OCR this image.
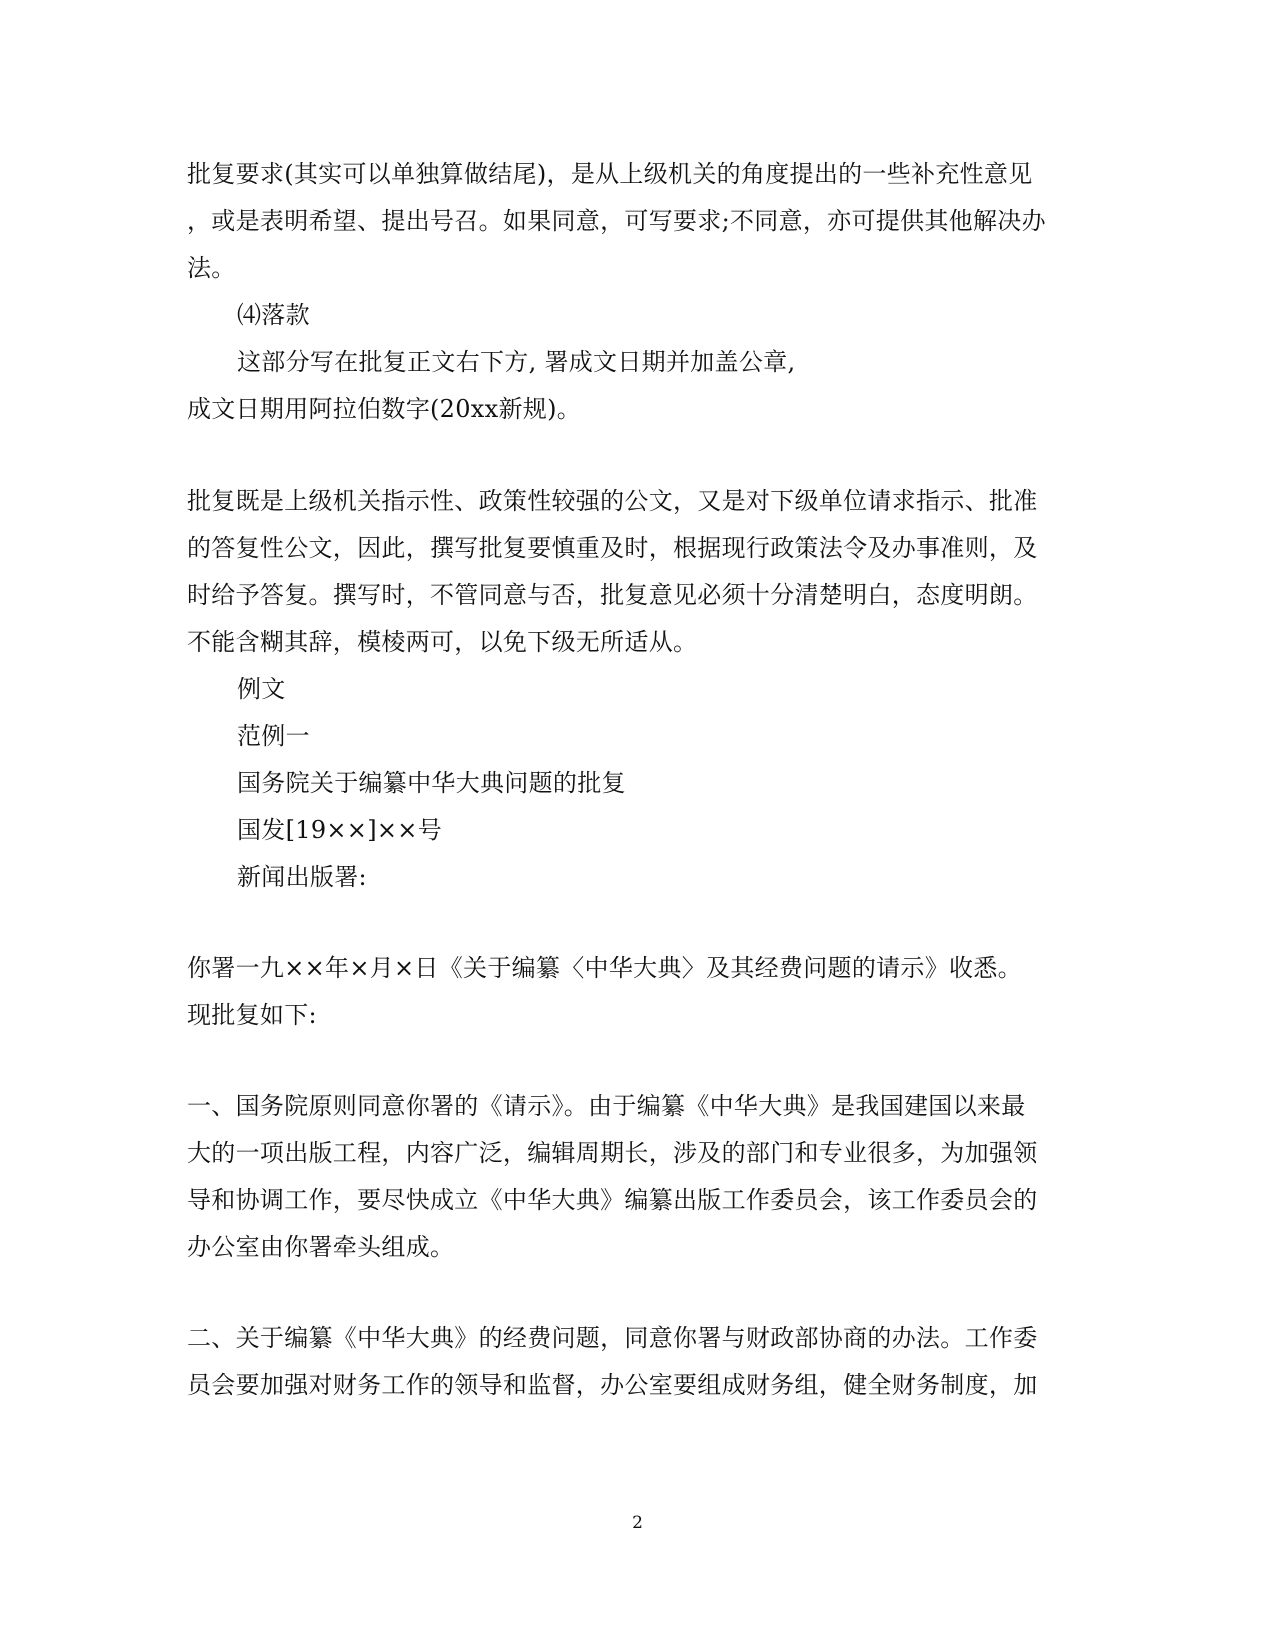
批复要求(其实可以单独算做结尾)，是从上级机关的角度提出的一些补充性意见
，或是表明希望、提出号召。如果同意，可写要求;不同意，亦可提供其他解决办
法。
⑷落款
这部分写在批复正文右下方, 署成文日期并加盖公章,
成文日期用阿拉伯数字(20xx新规)。
批复既是上级机关指示性、政策性较强的公文，又是对下级单位请求指示、批准
的答复性公文，因此，撰写批复要慎重及时，根据现行政策法令及办事准则，及
时给予答复。撰写时，不管同意与否，批复意见必须十分清楚明白，态度明朗。
不能含糊其辞，模棱两可，以免下级无所适从。
例文
范例一
国务院关于编纂中华大典问题的批复
国发[19××]××号
新闻出版署:
你署一九××年×月×日《关于编纂〈中华大典〉及其经费问题的请示》收悉。
现批复如下:
一、国务院原则同意你署的《请示》。由于编纂《中华大典》是我国建国以来最
大的一项出版工程，内容广泛，编辑周期长，涉及的部门和专业很多，为加强领
导和协调工作，要尽快成立《中华大典》编纂出版工作委员会，该工作委员会的
办公室由你署牵头组成。
二、关于编纂《中华大典》的经费问题，同意你署与财政部协商的办法。工作委
员会要加强对财务工作的领导和监督，办公室要组成财务组，健全财务制度，加
2
